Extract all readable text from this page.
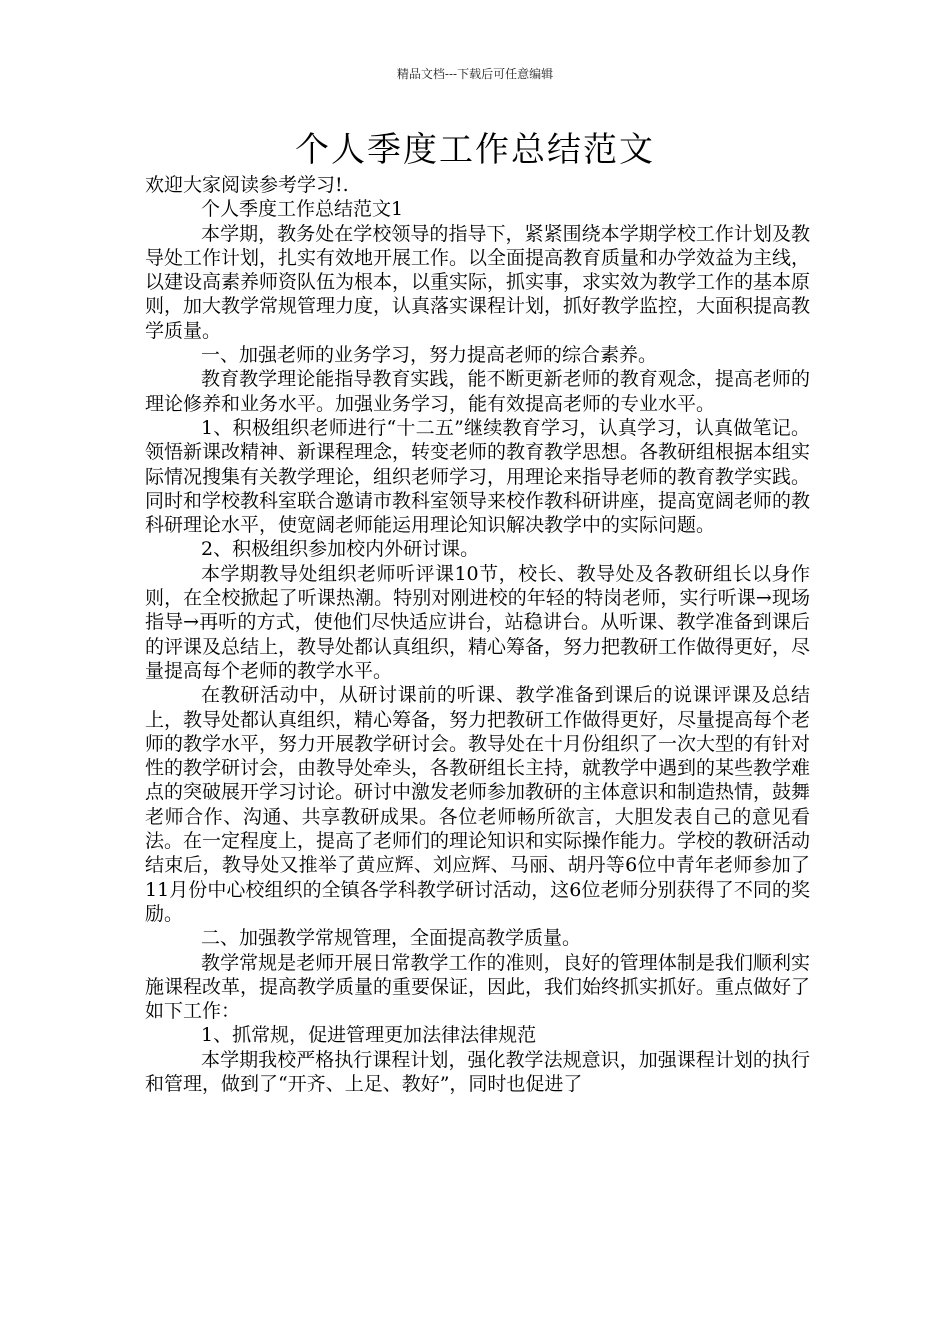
精品文档---下载后可任意编辑
个人季度工作总结范文

欢迎大家阅读参考学习!.

个人季度工作总结范文1

本学期，教务处在学校领导的指导下，紧紧围绕本学期学校工作计划及教导处工作计划，扎实有效地开展工作。以全面提高教育质量和办学效益为主线，以建设高素养师资队伍为根本，以重实际，抓实事，求实效为教学工作的基本原则，加大教学常规管理力度，认真落实课程计划，抓好教学监控，大面积提高教学质量。

一、加强老师的业务学习，努力提高老师的综合素养。

教育教学理论能指导教育实践，能不断更新老师的教育观念，提高老师的理论修养和业务水平。加强业务学习，能有效提高老师的专业水平。

1、积极组织老师进行“十二五”继续教育学习，认真学习，认真做笔记。领悟新课改精神、新课程理念，转变老师的教育教学思想。各教研组根据本组实际情况搜集有关教学理论，组织老师学习，用理论来指导老师的教育教学实践。同时和学校教科室联合邀请市教科室领导来校作教科研讲座，提高宽阔老师的教科研理论水平，使宽阔老师能运用理论知识解决教学中的实际问题。

2、积极组织参加校内外研讨课。

本学期教导处组织老师听评课10节，校长、教导处及各教研组长以身作则，在全校掀起了听课热潮。特别对刚进校的年轻的特岗老师，实行听课→现场指导→再听的方式，使他们尽快适应讲台，站稳讲台。从听课、教学准备到课后的评课及总结上，教导处都认真组织，精心筹备，努力把教研工作做得更好，尽量提高每个老师的教学水平。

在教研活动中，从研讨课前的听课、教学准备到课后的说课评课及总结上，教导处都认真组织，精心筹备，努力把教研工作做得更好，尽量提高每个老师的教学水平，努力开展教学研讨会。教导处在十月份组织了一次大型的有针对性的教学研讨会，由教导处牵头，各教研组长主持，就教学中遇到的某些教学难点的突破展开学习讨论。研讨中激发老师参加教研的主体意识和制造热情，鼓舞老师合作、沟通、共享教研成果。各位老师畅所欲言，大胆发表自己的意见看法。在一定程度上，提高了老师们的理论知识和实际操作能力。学校的教研活动结束后，教导处又推举了黄应辉、刘应辉、马丽、胡丹等6位中青年老师参加了11月份中心校组织的全镇各学科教学研讨活动，这6位老师分别获得了不同的奖励。

二、加强教学常规管理，全面提高教学质量。

教学常规是老师开展日常教学工作的准则，良好的管理体制是我们顺利实施课程改革，提高教学质量的重要保证，因此，我们始终抓实抓好。重点做好了如下工作：

1、抓常规，促进管理更加法律法律规范

本学期我校严格执行课程计划，强化教学法规意识，加强课程计划的执行和管理，做到了“开齐、上足、教好”，同时也促进了
